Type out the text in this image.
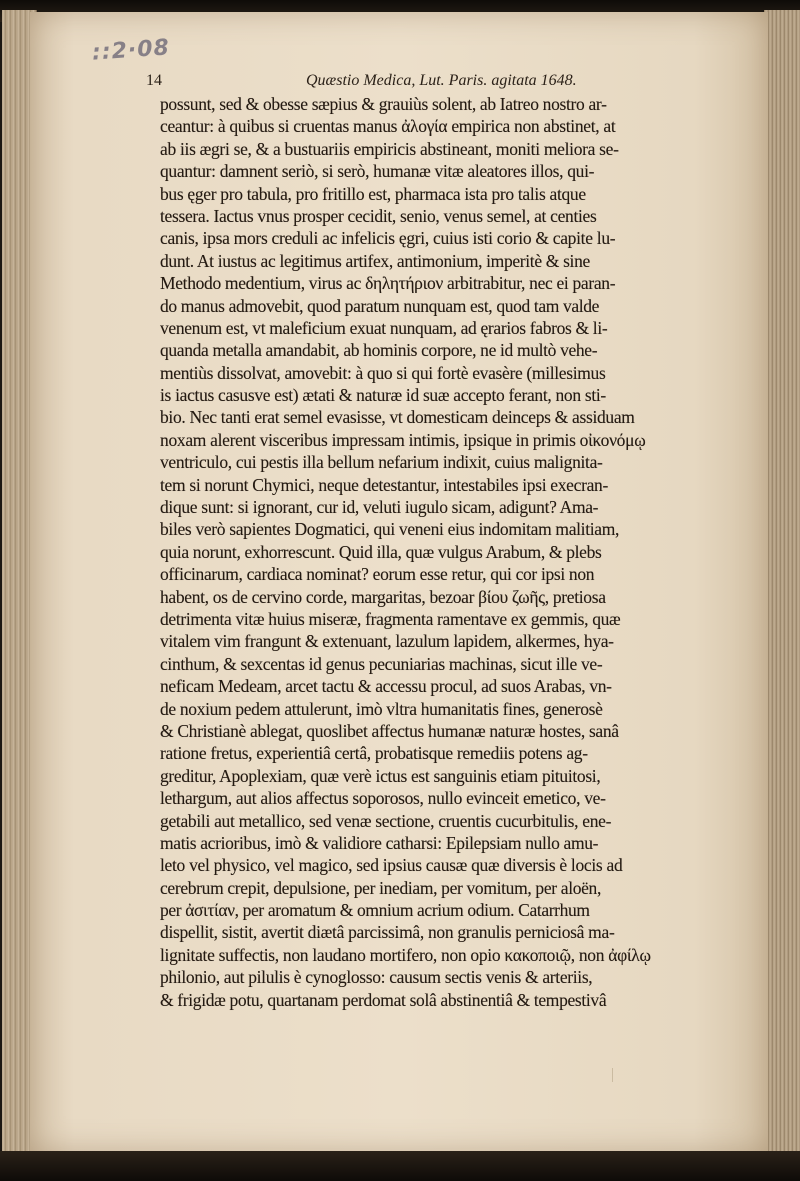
::2·08
14	Quæstio Medica, Lut. Paris. agitata 1648.
possunt, sed & obesse sæpius & grauiùs solent, ab Iatreo nostro ar-
ceantur: à quibus si cruentas manus ἀλογία empirica non abstinet, at
ab iis ægri se, & a bustuariis empiricis abstineant, moniti meliora se-
quantur: damnent seriò, si serò, humanæ vitæ aleatores illos, qui-
bus ęger pro tabula, pro fritillo est, pharmaca ista pro talis atque
tessera. Iactus vnus prosper cecidit, senio, venus semel, at centies
canis, ipsa mors creduli ac infelicis ęgri, cuius isti corio & capite lu-
dunt. At iustus ac legitimus artifex, antimonium, imperitè & sine
Methodo medentium, virus ac δηλητήριον arbitrabitur, nec ei paran-
do manus admovebit, quod paratum nunquam est, quod tam valde
venenum est, vt maleficium exuat nunquam, ad ęrarios fabros & li-
quanda metalla amandabit, ab hominis corpore, ne id multò vehe-
mentiùs dissolvat, amovebit: à quo si qui fortè evasère (millesimus
is iactus casusve est) ætati & naturæ id suæ accepto ferant, non sti-
bio. Nec tanti erat semel evasisse, vt domesticam deinceps & assiduam
noxam alerent visceribus impressam intimis, ipsique in primis οἰκονόμῳ
ventriculo, cui pestis illa bellum nefarium indixit, cuius malignita-
tem si norunt Chymici, neque detestantur, intestabiles ipsi execran-
dique sunt: si ignorant, cur id, veluti iugulo sicam, adigunt? Ama-
biles verò sapientes Dogmatici, qui veneni eius indomitam malitiam,
quia norunt, exhorrescunt. Quid illa, quæ vulgus Arabum, & plebs
officinarum, cardiaca nominat? eorum esse retur, qui cor ipsi non
habent, os de cervino corde, margaritas, bezoar βίου ζωῆς, pretiosa
detrimenta vitæ huius miseræ, fragmenta ramentave ex gemmis, quæ
vitalem vim frangunt & extenuant, lazulum lapidem, alkermes, hya-
cinthum, & sexcentas id genus pecuniarias machinas, sicut ille ve-
neficam Medeam, arcet tactu & accessu procul, ad suos Arabas, vn-
de noxium pedem attulerunt, imò vltra humanitatis fines, generosè
& Christianè ablegat, quoslibet affectus humanæ naturæ hostes, sanâ
ratione fretus, experientiâ certâ, probatisque remediis potens ag-
greditur, Apoplexiam, quæ verè ictus est sanguinis etiam pituitosi,
lethargum, aut alios affectus soporosos, nullo evinceit emetico, ve-
getabili aut metallico, sed venæ sectione, cruentis cucurbitulis, ene-
matis acrioribus, imò & validiore catharsi: Epilepsiam nullo amu-
leto vel physico, vel magico, sed ipsius causæ quæ diversis è locis ad
cerebrum crepit, depulsione, per inediam, per vomitum, per aloën,
per ἀσιτίαν, per aromatum & omnium acrium odium. Catarrhum
dispellit, sistit, avertit diætâ parcissimâ, non granulis perniciosâ ma-
lignitate suffectis, non laudano mortifero, non opio κακοποιῷ, non ἀφίλῳ
philonio, aut pilulis è cynoglosso: causum sectis venis & arteriis,
& frigidæ potu, quartanam perdomat solâ abstinentiâ & tempestivâ
